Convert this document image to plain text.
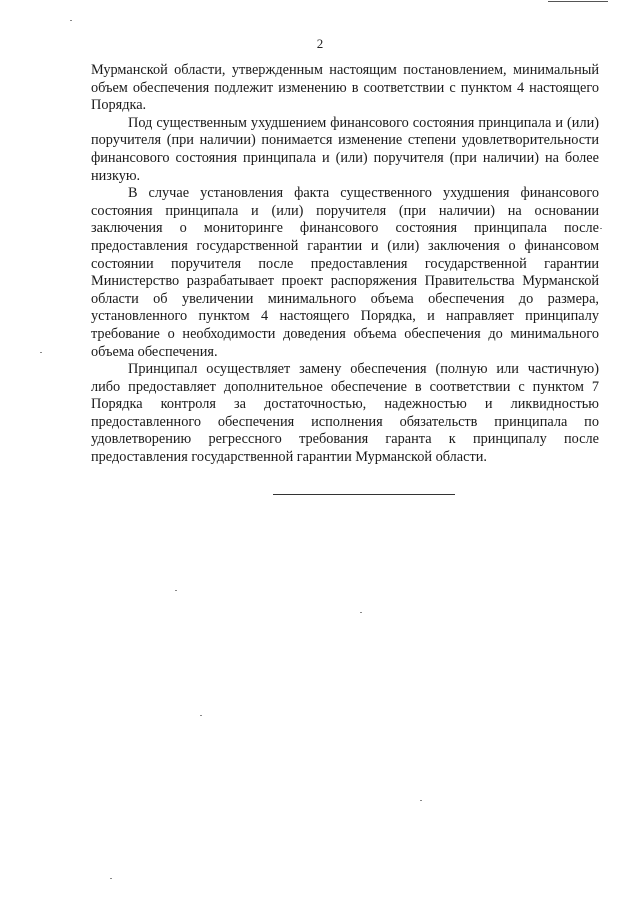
2

Мурманской области, утвержденным настоящим постановлением, минимальный объем обеспечения подлежит изменению в соответствии с пунктом 4 настоящего Порядка.

Под существенным ухудшением финансового состояния принципала и (или) поручителя (при наличии) понимается изменение степени удовлетворительности финансового состояния принципала и (или) поручителя (при наличии) на более низкую.

В случае установления факта существенного ухудшения финансового состояния принципала и (или) поручителя (при наличии) на основании заключения о мониторинге финансового состояния принципала после предоставления государственной гарантии и (или) заключения о финансовом состоянии поручителя после предоставления государственной гарантии Министерство разрабатывает проект распоряжения Правительства Мурманской области об увеличении минимального объема обеспечения до размера, установленного пунктом 4 настоящего Порядка, и направляет принципалу требование о необходимости доведения объема обеспечения до минимального объема обеспечения.

Принципал осуществляет замену обеспечения (полную или частичную) либо предоставляет дополнительное обеспечение в соответствии с пунктом 7 Порядка контроля за достаточностью, надежностью и ликвидностью предоставленного обеспечения исполнения обязательств принципала по удовлетворению регрессного требования гаранта к принципалу после предоставления государственной гарантии Мурманской области.
